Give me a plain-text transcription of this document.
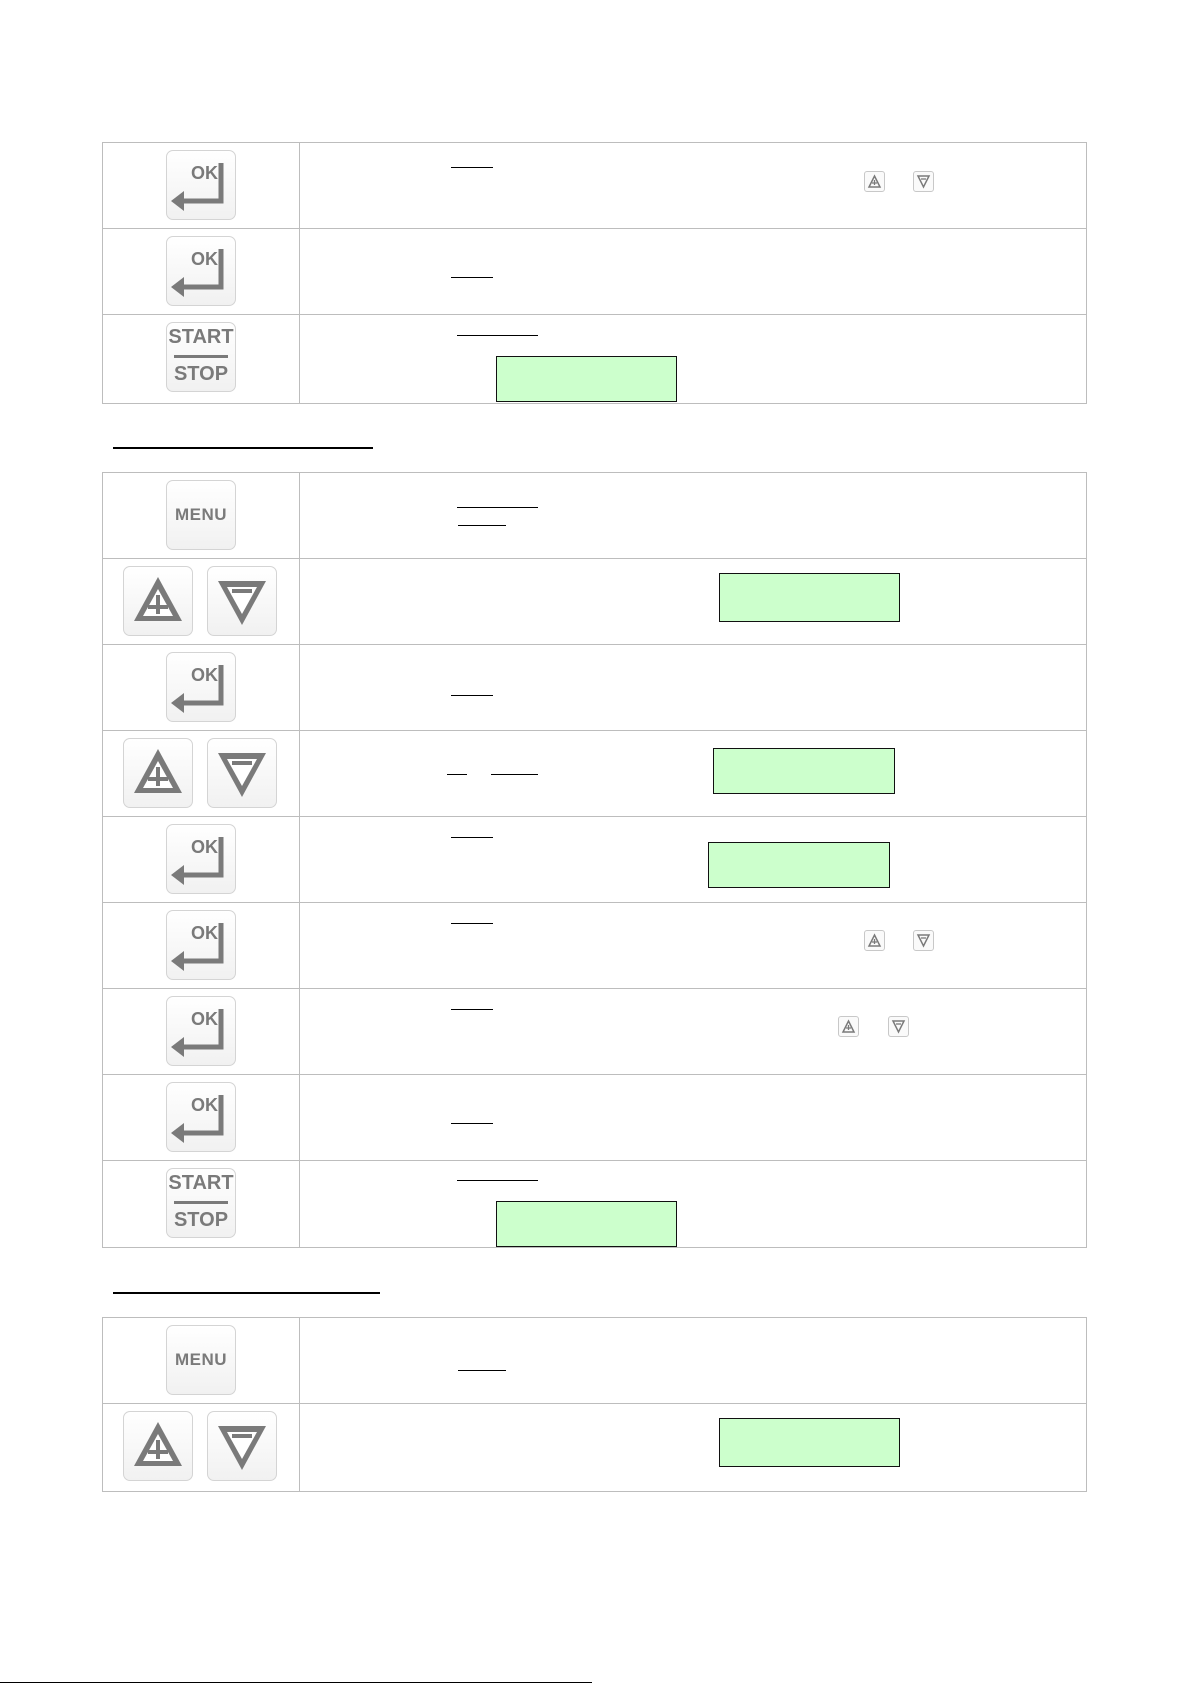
OK
OK
START
STOP
MENU
OK
OK
OK
OK
OK
START
STOP
MENU
